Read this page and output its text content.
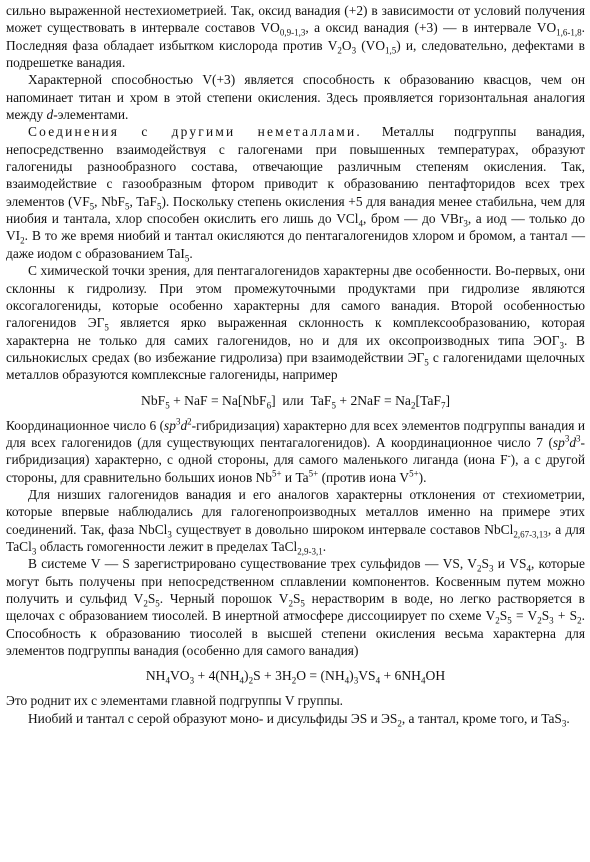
сильно выраженной нестехиометрией. Так, оксид ванадия (+2) в зависимости от условий получения может существовать в интервале составов $VO_{0,9-1,3}$, а оксид ванадия (+3) — в интервале $VO_{1,6-1,8}$. Последняя фаза обладает избытком кислорода против $V_2O_3$ $(VO_{1,5})$ и, следовательно, дефектами в подрешетке ванадия.

Характерной способностью V(+3) является способность к образованию квасцов, чем он напоминает титан и хром в этой степени окисления. Здесь проявляется горизонтальная аналогия между d-элементами.

Соединения с другими неметаллами. Металлы подгруппы ванадия, непосредственно взаимодействуя с галогенами при повышенных температурах, образуют галогениды разнообразного состава, отвечающие различным степеням окисления. Так, взаимодействие с газообразным фтором приводит к образованию пентафторидов всех трех элементов ($VF_5$, NbF$_5$, TaF$_5$). Поскольку степень окисления +5 для ванадия менее стабильна, чем для ниобия и тантала, хлор способен окислить его лишь до VCl$_4$, бром — до VBr$_3$, а иод — только до $VI_2$. В то же время ниобий и тантал окисляются до пентагалогенидов хлором и бромом, а тантал — даже иодом с образованием TaI$_5$.

С химической точки зрения, для пентагалогенидов характерны две особенности. Во-первых, они склонны к гидролизу. При этом промежуточными продуктами при гидролизе являются оксогалогениды, которые особенно характерны для самого ванадия. Второй особенностью галогенидов $ЭГ_5$ является ярко выраженная склонность к комплексообразованию, которая характерна не только для самих галогенидов, но и для их оксопроизводных типа $ЭОГ_3$. В сильнокислых средах (во избежание гидролиза) при взаимодействии $ЭГ_5$ с галогенидами щелочных металлов образуются комплексные галогениды, например

NbF$_5$ + NaF = Na[NbF$_6$]  или  $TaF_5 + 2NaF = Na_2[TaF_7]$

Координационное число 6 $(sp^3d^2-гибридизация)$ характерно для всех элементов подгруппы ванадия и для всех галогенидов (для существующих пентагалогенидов). А координационное число 7 $(sp^3d^3-гибридизация)$ характерно, с одной стороны, для самого маленького лиганда (иона F-), а с другой стороны, для сравнительно больших ионов $Nb^{5+}$ и $Ta^{5+}$ (против иона $V^{5+}$).

Для низших галогенидов ванадия и его аналогов характерны отклонения от стехиометрии, которые впервые наблюдались для галогенопроизводных металлов именно на примере этих соединений. Так, фаза NbCl$_3$ существует в довольно широком интервале составов NbCl$_{2,67-3,13}$, а для TaCl$_3$ область гомогенности лежит в пределах TaCl$_{2,9-3,1}$.

В системе V — S зарегистрировано существование трех сульфидов — VS, $V_2S_3$ и $VS_4$, которые могут быть получены при непосредственном сплавлении компонентов. Косвенным путем можно получить и сульфид $V_2S_5$. Черный порошок $V_2S_5$ нерастворим в воде, но легко растворяется в щелочах с образованием тиосолей. В инертной атмосфере диссоциирует по схеме $V_2S_5 = V_2S_3 + S_2$. Способность к образованию тиосолей в высшей степени окисления весьма характерна для элементов подгруппы ванадия (особенно для самого ванадия)

$NH_4VO_3 + 4(NH_4)_2S + 3H_2O = (NH_4)_3VS_4 + 6NH_4OH$

Это роднит их с элементами главной подгруппы V группы.

Ниобий и тантал с серой образуют моно- и дисульфиды ЭS и $ЭS_2$, а тантал, кроме того, и TaS$_3$.
